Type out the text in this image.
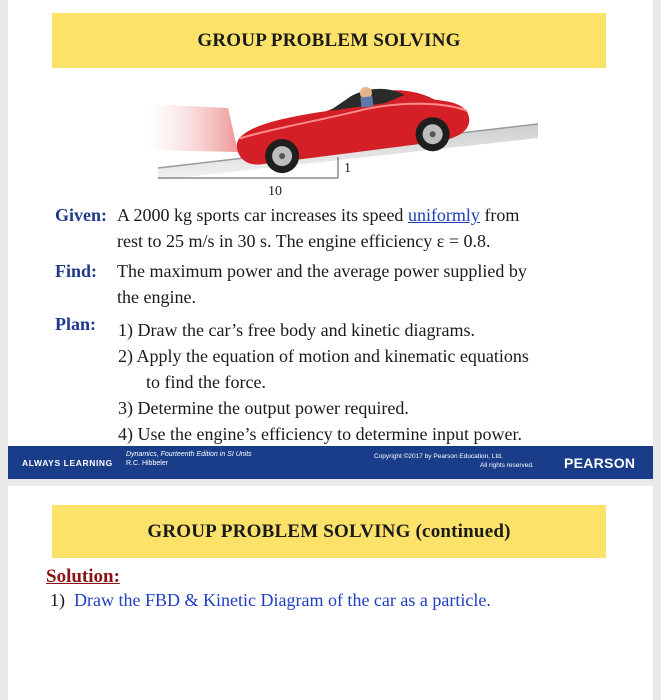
GROUP PROBLEM SOLVING
1
10
Given: A 2000 kg sports car increases its speed uniformly from
rest to 25 m/s in 30 s. The engine efficiency ε = 0.8.
Find: The maximum power and the average power supplied by
the engine.
Plan: 1) Draw the car’s free body and kinetic diagrams.
2) Apply the equation of motion and kinematic equations
to find the force.
3) Determine the output power required.
4) Use the engine’s efficiency to determine input power.
ALWAYS LEARNING
Dynamics, Fourteenth Edition in SI Units
R.C. Hibbeler
Copyright ©2017 by Pearson Education, Ltd.
All rights reserved. PEARSON
GROUP PROBLEM SOLVING (continued)
Solution:
1) Draw the FBD & Kinetic Diagram of the car as a particle.
